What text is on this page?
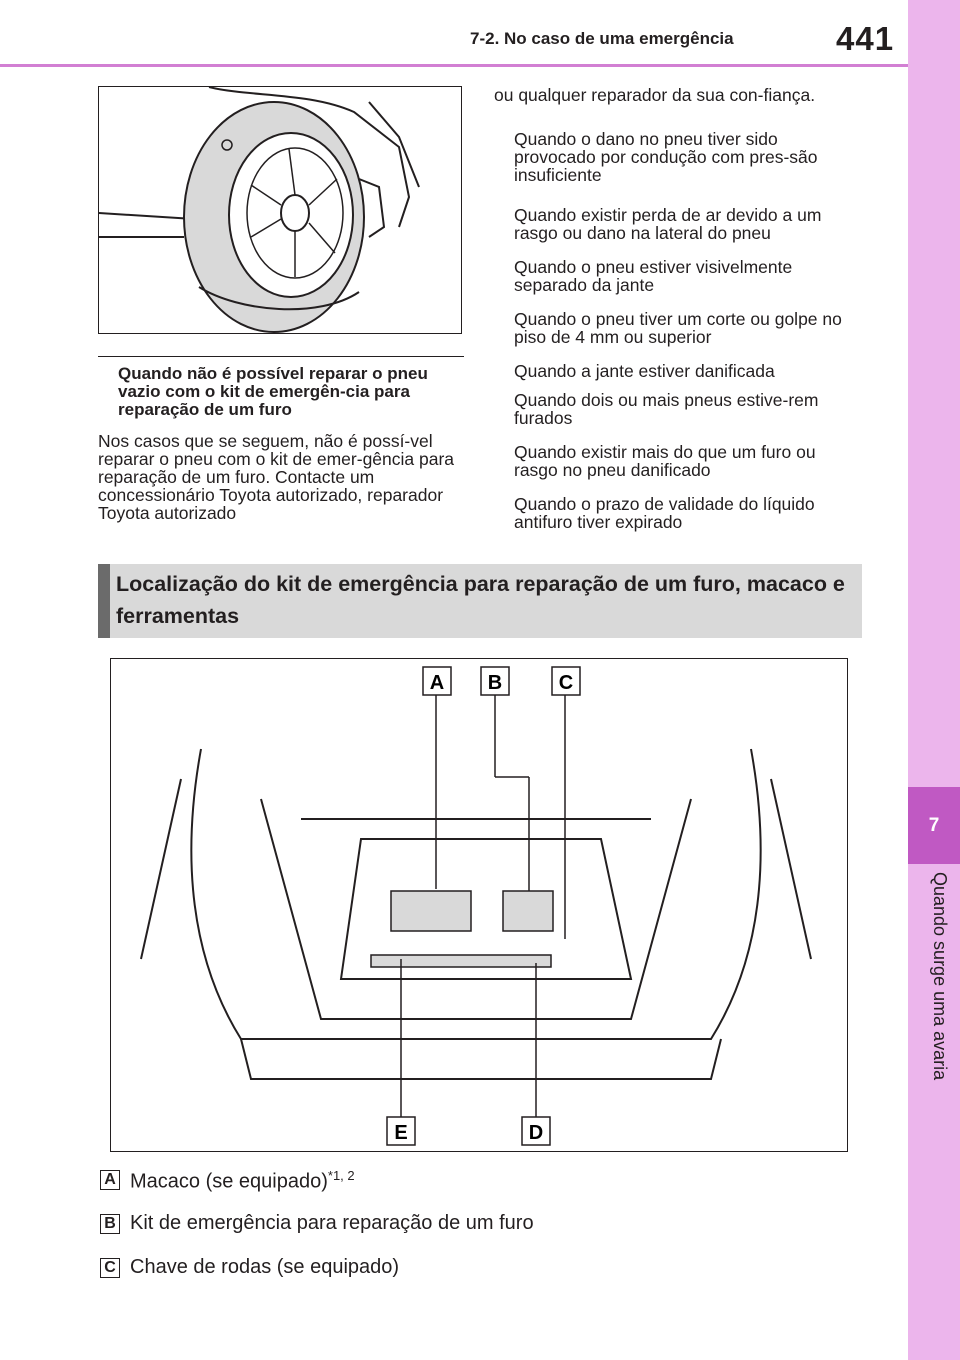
7-2. No caso de uma emergência	441
7
Quando surge uma avaria
Quando não é possível reparar o pneu vazio com o kit de emergên-cia para reparação de um furo
Nos casos que se seguem, não é possí-vel reparar o pneu com o kit de emer-gência para reparação de um furo. Contacte um concessionário Toyota autorizado, reparador Toyota autorizado
ou qualquer reparador da sua con-fiança.
Quando o dano no pneu tiver sido provocado por condução com pres-são insuficiente
Quando existir perda de ar devido a um rasgo ou dano na lateral do pneu
Quando o pneu estiver visivelmente separado da jante
Quando o pneu tiver um corte ou golpe no piso de 4 mm ou superior
Quando a jante estiver danificada
Quando dois ou mais pneus estive-rem furados
Quando existir mais do que um furo ou rasgo no pneu danificado
Quando o prazo de validade do líquido antifuro tiver expirado
Localização do kit de emergência para reparação de um furo, macaco e ferramentas
A B	C
D
E
A Macaco (se equipado)$^{*1, 2}$
B Kit de emergência para reparação de um furo
C Chave de rodas (se equipado)
